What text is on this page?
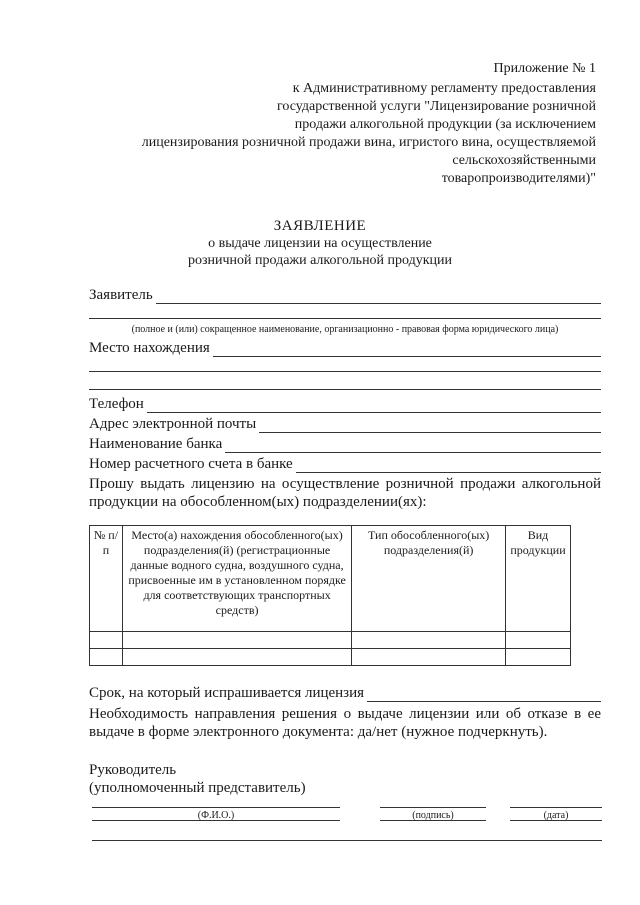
Приложение № 1
к Административному регламенту предоставления
государственной услуги "Лицензирование розничной
продажи алкогольной продукции (за исключением
лицензирования розничной продажи вина, игристого вина, осуществляемой
сельскохозяйственными
товаропроизводителями)"
ЗАЯВЛЕНИЕ
о выдаче лицензии на осуществление
розничной продажи алкогольной продукции
Заявитель
(полное и (или) сокращенное наименование, организационно - правовая форма юридического лица)
Место нахождения
Телефон
Адрес электронной почты
Наименование банка
Номер расчетного счета в банке
Прошу выдать лицензию на осуществление розничной продажи алкогольной продукции на обособленном(ых) подразделении(ях):
№ п/п	Место(а) нахождения обособленного(ых) подразделения(й) (регистрационные данные водного судна, воздушного судна, присвоенные им в установленном порядке для соответствующих транспортных средств)	Тип обособленного(ых) подразделения(й)	Вид продукции

Срок, на который испрашивается лицензия
Необходимость направления решения о выдаче лицензии или об отказе в ее выдаче в форме электронного документа: да/нет (нужное подчеркнуть).
Руководитель
(уполномоченный представитель)
(Ф.И.О.)	(подпись)	(дата)
